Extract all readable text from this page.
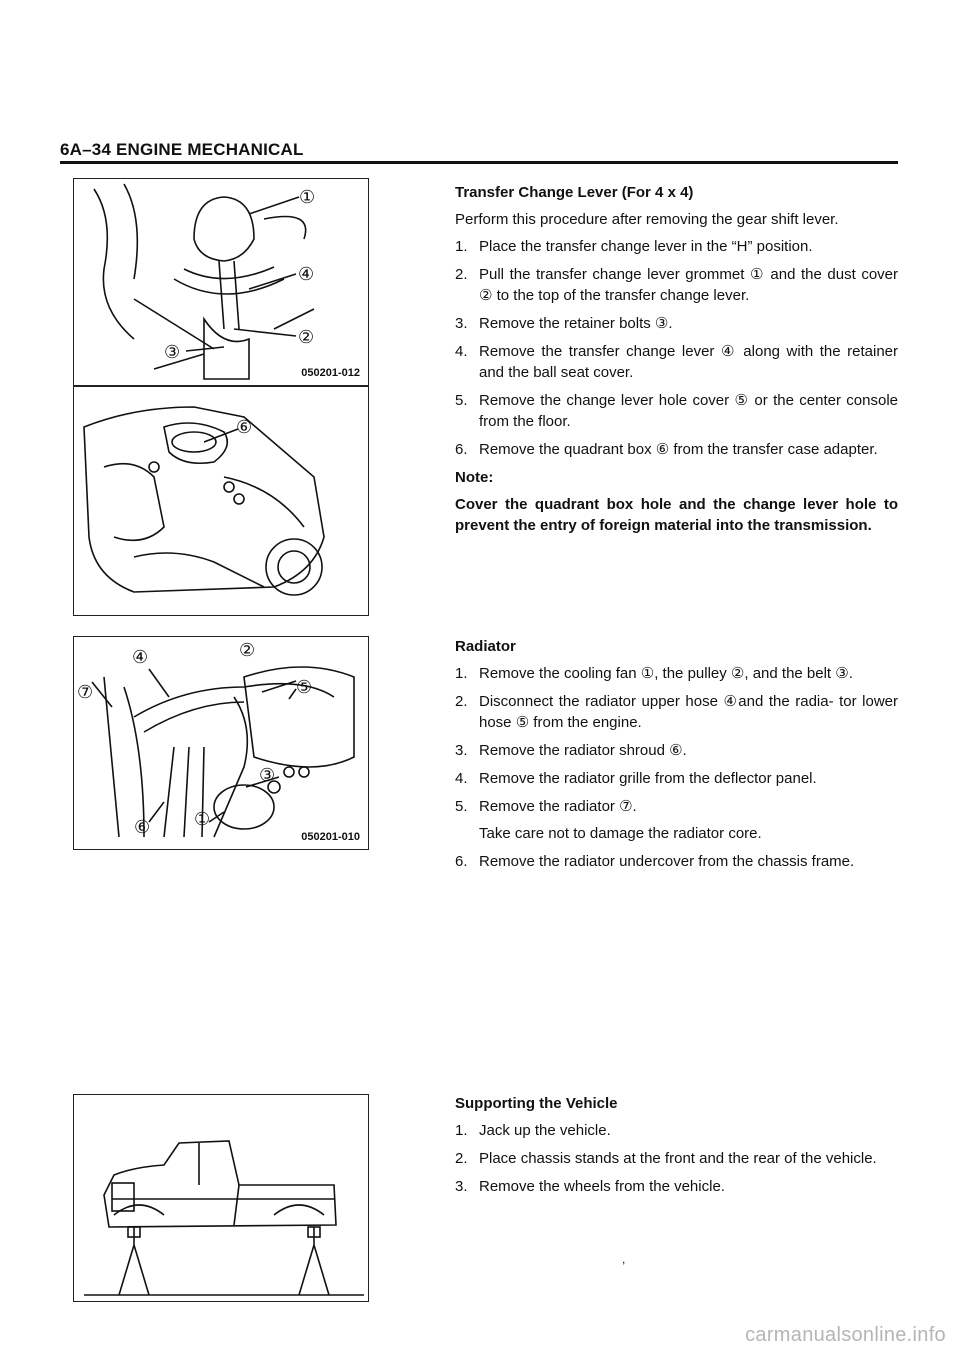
6A–34 ENGINE MECHANICAL
①
④
②
③
050201-012
⑥
④	②
⑦	⑤
③
⑥ ①
050201-010
Transfer Change Lever (For 4 x 4)
Perform this procedure after removing the gear shift lever.
1. Place the transfer change lever in the “H” position.
2. Pull the transfer change lever grommet ① and the dust cover ② to the top of the transfer change lever.
3. Remove the retainer bolts ③.
4. Remove the transfer change lever ④ along with the retainer and the ball seat cover.
5. Remove the change lever hole cover ⑤ or the center console from the floor.
6. Remove the quadrant box ⑥ from the transfer case adapter.
Note:
Cover the quadrant box hole and the change lever hole to prevent the entry of foreign material into the transmission.
Radiator
1. Remove the cooling fan ①, the pulley ②, and the belt ③.
2. Disconnect the radiator upper hose ④and the radia- tor lower hose ⑤ from the engine.
3. Remove the radiator shroud ⑥.
4. Remove the radiator grille from the deflector panel.
5. Remove the radiator ⑦.
Take care not to damage the radiator core.
6. Remove the radiator undercover from the chassis frame.
Supporting the Vehicle
1. Jack up the vehicle.
2. Place chassis stands at the front and the rear of the vehicle.
3. Remove the wheels from the vehicle.
,
carmanualsonline.info
